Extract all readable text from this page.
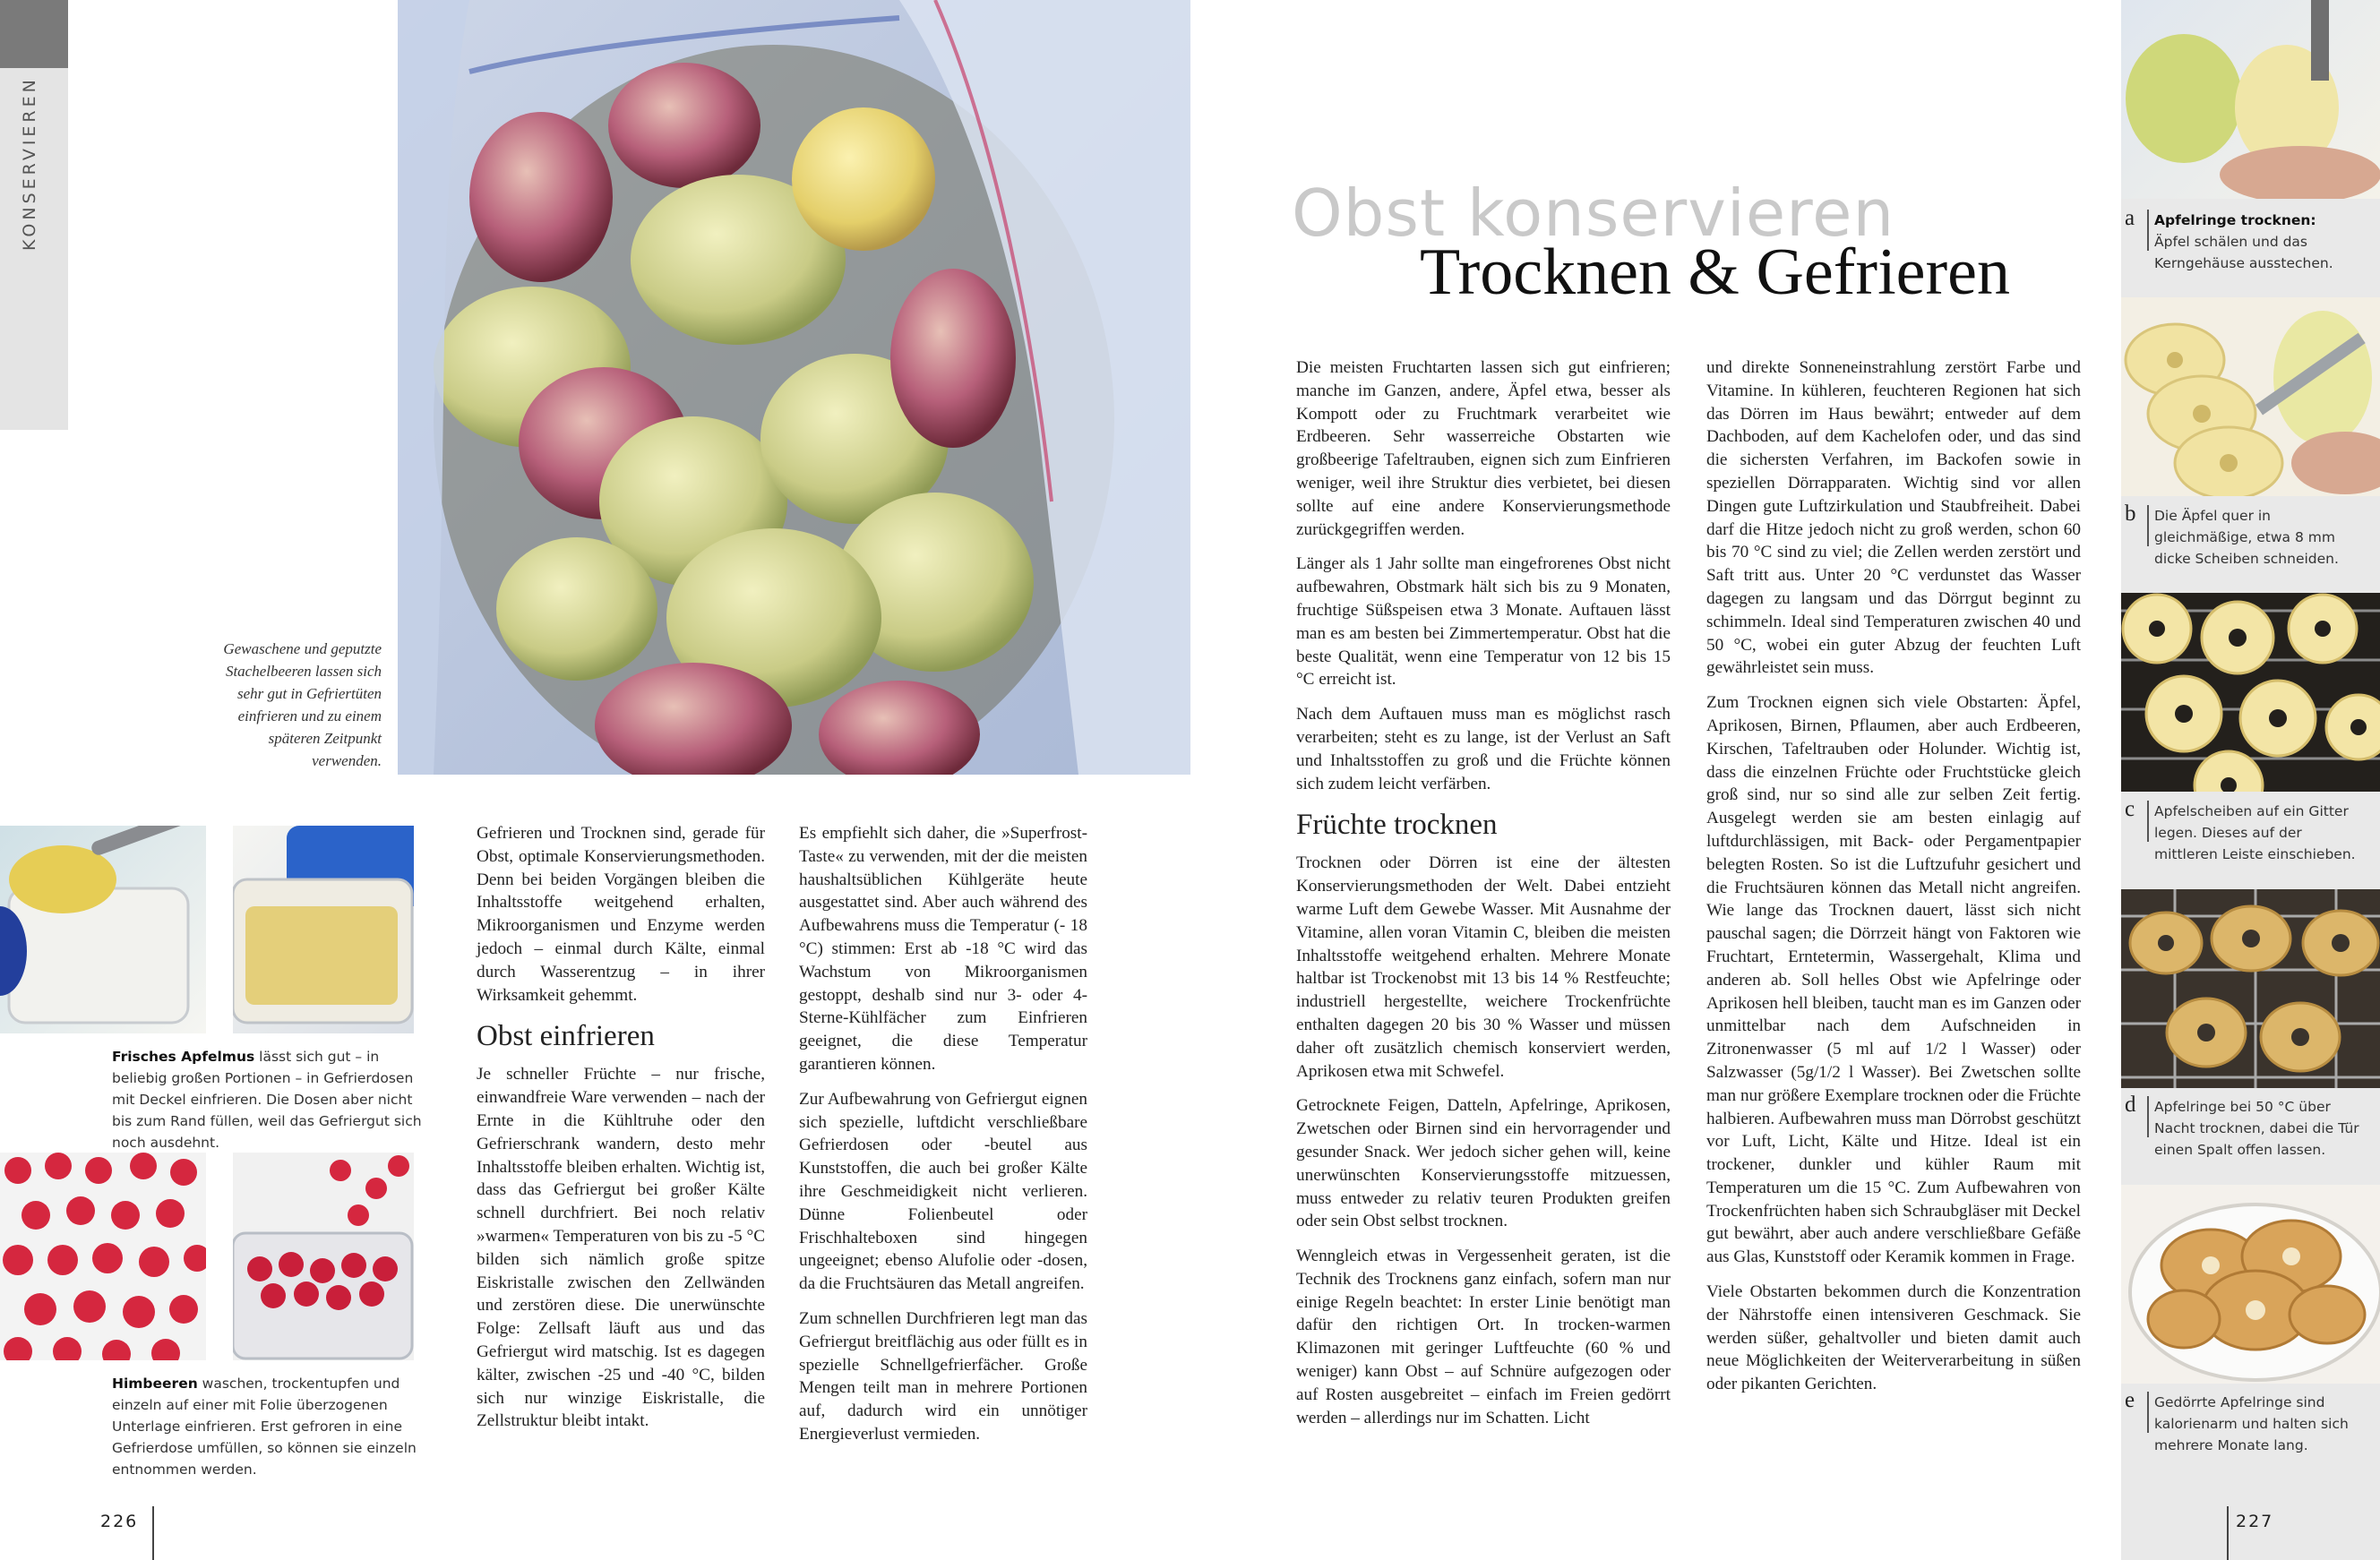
KONSERVIEREN
Gewaschene und geputzte Stachelbeeren lassen sich sehr gut in Gefriertüten einfrieren und zu einem späteren Zeitpunkt verwenden.
Frisches Apfelmus lässt sich gut – in beliebig großen Portionen – in Gefrierdosen mit Deckel einfrieren. Die Dosen aber nicht bis zum Rand füllen, weil das Gefriergut sich noch ausdehnt.
Himbeeren waschen, trockentupfen und einzeln auf einer mit Folie überzogenen Unterlage einfrieren. Erst gefroren in eine Gefrierdose umfüllen, so können sie einzeln entnommen werden.
Obst konservieren
Trocknen & Gefrieren

Gefrieren und Trocknen sind, gerade für Obst, optimale Konservierungsmethoden. Denn bei beiden Vorgängen bleiben die Inhaltsstoffe weitgehend erhalten, Mikroorganismen und Enzyme werden jedoch – einmal durch Kälte, einmal durch Wasserentzug – in ihrer Wirksamkeit gehemmt.

Obst einfrieren

Je schneller Früchte – nur frische, einwandfreie Ware verwenden – nach der Ernte in die Kühltruhe oder den Gefrierschrank wandern, desto mehr Inhaltsstoffe bleiben erhalten. Wichtig ist, dass das Gefriergut bei großer Kälte schnell durchfriert. Bei noch relativ »warmen« Temperaturen von bis zu -5 °C bilden sich nämlich große spitze Eiskristalle zwischen den Zellwänden und zerstören diese. Die unerwünschte Folge: Zellsaft läuft aus und das Gefriergut wird matschig. Ist es dagegen kälter, zwischen -25 und -40 °C, bilden sich nur winzige Eiskristalle, die Zellstruktur bleibt intakt.

Es empfiehlt sich daher, die »Superfrost-Taste« zu verwenden, mit der die meisten haushaltsüblichen Kühlgeräte heute ausgestattet sind. Aber auch während des Aufbewahrens muss die Temperatur (- 18 °C) stimmen: Erst ab -18 °C wird das Wachstum von Mikroorganismen gestoppt, deshalb sind nur 3- oder 4-Sterne-Kühlfächer zum Einfrieren geeignet, die diese Temperatur garantieren können.

Zur Aufbewahrung von Gefriergut eignen sich spezielle, luftdicht verschließbare Gefrierdosen oder -beutel aus Kunststoffen, die auch bei großer Kälte ihre Geschmeidigkeit nicht verlieren. Dünne Folienbeutel oder Frischhalteboxen sind hingegen ungeeignet; ebenso Alufolie oder -dosen, da die Fruchtsäuren das Metall angreifen.

Zum schnellen Durchfrieren legt man das Gefriergut breitflächig aus oder füllt es in spezielle Schnellgefrierfächer. Große Mengen teilt man in mehrere Portionen auf, dadurch wird ein unnötiger Energieverlust vermieden.

Die meisten Fruchtarten lassen sich gut einfrieren; manche im Ganzen, andere, Äpfel etwa, besser als Kompott oder zu Fruchtmark verarbeitet wie Erdbeeren. Sehr wasserreiche Obstarten wie großbeerige Tafeltrauben, eignen sich zum Einfrieren weniger, weil ihre Struktur dies verbietet, bei diesen sollte auf eine andere Konservierungsmethode zurückgegriffen werden.

Länger als 1 Jahr sollte man eingefrorenes Obst nicht aufbewahren, Obstmark hält sich bis zu 9 Monaten, fruchtige Süßspeisen etwa 3 Monate. Auftauen lässt man es am besten bei Zimmertemperatur. Obst hat die beste Qualität, wenn eine Temperatur von 12 bis 15 °C erreicht ist.

Nach dem Auftauen muss man es möglichst rasch verarbeiten; steht es zu lange, ist der Verlust an Saft und Inhaltsstoffen zu groß und die Früchte können sich zudem leicht verfärben.

Früchte trocknen

Trocknen oder Dörren ist eine der ältesten Konservierungsmethoden der Welt. Dabei entzieht warme Luft dem Gewebe Wasser. Mit Ausnahme der Vitamine, allen voran Vitamin C, bleiben die meisten Inhaltsstoffe weitgehend erhalten. Mehrere Monate haltbar ist Trockenobst mit 13 bis 14 % Restfeuchte; industriell hergestellte, weichere Trockenfrüchte enthalten dagegen 20 bis 30 % Wasser und müssen daher oft zusätzlich chemisch konserviert werden, Aprikosen etwa mit Schwefel.

Getrocknete Feigen, Datteln, Apfelringe, Aprikosen, Zwetschen oder Birnen sind ein hervorragender und gesunder Snack. Wer jedoch sicher gehen will, keine unerwünschten Konservierungsstoffe mitzuessen, muss entweder zu relativ teuren Produkten greifen oder sein Obst selbst trocknen.

Wenngleich etwas in Vergessenheit geraten, ist die Technik des Trocknens ganz einfach, sofern man nur einige Regeln beachtet: In erster Linie benötigt man dafür den richtigen Ort. In trocken-warmen Klimazonen mit geringer Luftfeuchte (60 % und weniger) kann Obst – auf Schnüre aufgezogen oder auf Rosten ausgebreitet – einfach im Freien gedörrt werden – allerdings nur im Schatten. Licht

und direkte Sonneneinstrahlung zerstört Farbe und Vitamine. In kühleren, feuchteren Regionen hat sich das Dörren im Haus bewährt; entweder auf dem Dachboden, auf dem Kachelofen oder, und das sind die sichersten Verfahren, im Backofen sowie in speziellen Dörrapparaten. Wichtig sind vor allen Dingen gute Luftzirkulation und Staubfreiheit. Dabei darf die Hitze jedoch nicht zu groß werden, schon 60 bis 70 °C sind zu viel; die Zellen werden zerstört und Saft tritt aus. Unter 20 °C verdunstet das Wasser dagegen zu langsam und das Dörrgut beginnt zu schimmeln. Ideal sind Temperaturen zwischen 40 und 50 °C, wobei ein guter Abzug der feuchten Luft gewährleistet sein muss.

Zum Trocknen eignen sich viele Obstarten: Äpfel, Aprikosen, Birnen, Pflaumen, aber auch Erdbeeren, Kirschen, Tafeltrauben oder Holunder. Wichtig ist, dass die einzelnen Früchte oder Fruchtstücke gleich groß sind, nur so sind alle zur selben Zeit fertig. Ausgelegt werden sie am besten einlagig auf luftdurchlässigen, mit Back- oder Pergamentpapier belegten Rosten. So ist die Luftzufuhr gesichert und die Fruchtsäuren können das Metall nicht angreifen. Wie lange das Trocknen dauert, lässt sich nicht pauschal sagen; die Dörrzeit hängt von Faktoren wie Fruchtart, Erntetermin, Wassergehalt, Klima und anderen ab. Soll helles Obst wie Apfelringe oder Aprikosen hell bleiben, taucht man es im Ganzen oder unmittelbar nach dem Aufschneiden in Zitronenwasser (5 ml auf 1/2 l Wasser) oder Salzwasser (5g/1/2 l Wasser). Bei Zwetschen sollte man nur größere Exemplare trocknen oder die Früchte halbieren. Aufbewahren muss man Dörrobst geschützt vor Luft, Licht, Kälte und Hitze. Ideal ist ein trockener, dunkler und kühler Raum mit Temperaturen um die 15 °C. Zum Aufbewahren von Trockenfrüchten haben sich Schraubgläser mit Deckel gut bewährt, aber auch andere verschließbare Gefäße aus Glas, Kunststoff oder Keramik kommen in Frage.

Viele Obstarten bekommen durch die Konzentration der Nährstoffe einen intensiveren Geschmack. Sie werden süßer, gehaltvoller und bieten damit auch neue Möglichkeiten der Weiterverarbeitung in süßen oder pikanten Gerichten.

a Apfelringe trocknen:
Äpfel schälen und das Kerngehäuse ausstechen.
b Die Äpfel quer in gleichmäßige, etwa 8 mm dicke Scheiben schneiden.
c Apfelscheiben auf ein Gitter legen. Dieses auf der mittleren Leiste einschieben.
d Apfelringe bei 50 °C über Nacht trocknen, dabei die Tür einen Spalt offen lassen.
e Gedörrte Apfelringe sind kalorienarm und halten sich mehrere Monate lang.
226	227
